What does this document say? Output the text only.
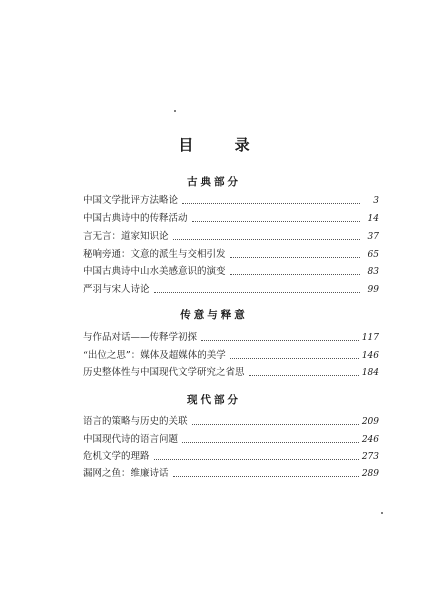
目 录
古典部分
中国文学批评方法略论	3
中国古典诗中的传释活动	14
言无言：道家知识论	37
秘响旁通：文意的派生与交相引发	65
中国古典诗中山水美感意识的演变	83
严羽与宋人诗论	99
传意与释意
与作品对话——传释学初探	117
“出位之思”：媒体及超媒体的美学	146
历史整体性与中国现代文学研究之省思	184
现代部分
语言的策略与历史的关联	209
中国现代诗的语言问题	246
危机文学的理路	273
漏网之鱼：维廉诗话	289
